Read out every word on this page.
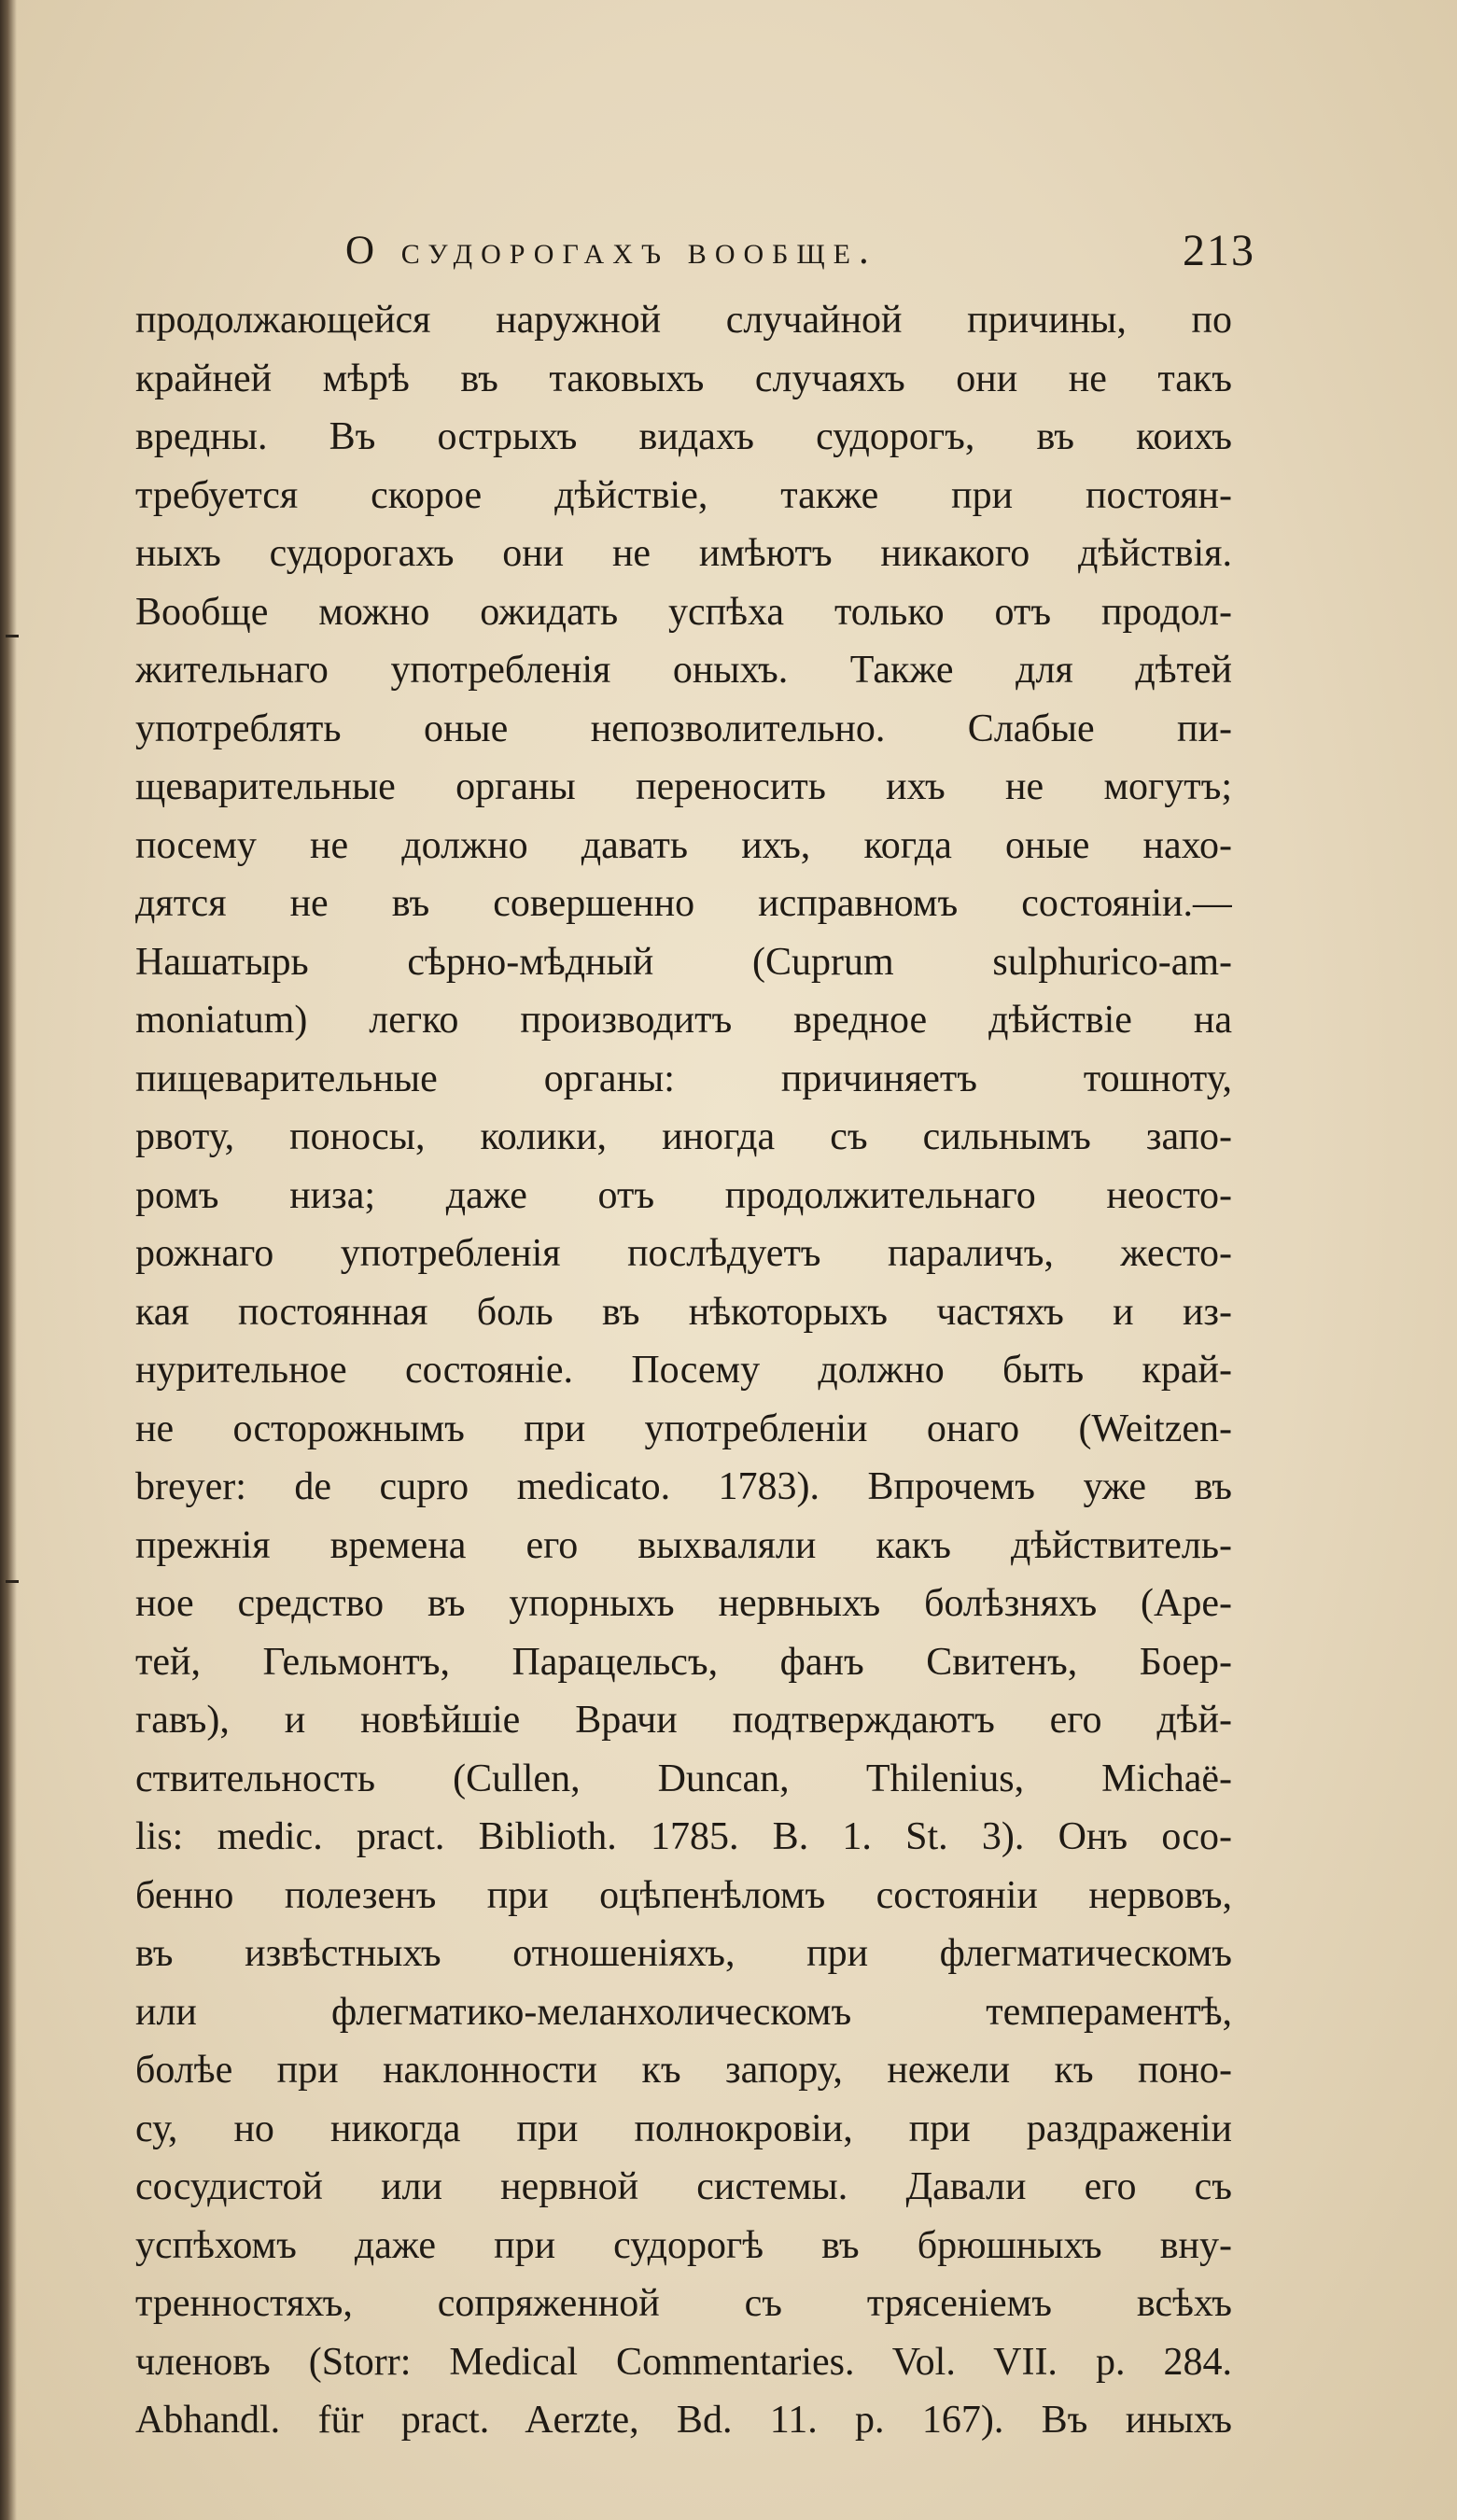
О судорогахъ вообще.	213
продолжающейся наружной случайной причины, по
крайней мѣрѣ въ таковыхъ случаяхъ они не такъ
вредны. Въ острыхъ видахъ судорогъ, въ коихъ
требуется скорое дѣйствіе, также при постоян-
ныхъ судорогахъ они не имѣютъ никакого дѣйствія.
Вообще можно ожидать успѣха только отъ продол-
жительнаго употребленія оныхъ. Также для дѣтей
употреблять оные непозволительно. Слабые пи-
щеварительные органы переносить ихъ не могутъ;
посему не должно давать ихъ, когда оные нахо-
дятся не въ совершенно исправномъ состояніи.—
Нашатырь сѣрно-мѣдный (Cuprum sulphurico-am-
moniatum) легко производитъ вредное дѣйствіе на
пищеварительные органы: причиняетъ тошноту,
рвоту, поносы, колики, иногда съ сильнымъ запо-
ромъ низа; даже отъ продолжительнаго неосто-
рожнаго употребленія послѣдуетъ параличъ, жесто-
кая постоянная боль въ нѣкоторыхъ частяхъ и из-
нурительное состояніе. Посему должно быть край-
не осторожнымъ при употребленіи онаго (Weitzen-
breyer: de cupro medicato. 1783). Впрочемъ уже въ
прежнія времена его выхваляли какъ дѣйствитель-
ное средство въ упорныхъ нервныхъ болѣзняхъ (Аре-
тей, Гельмонтъ, Парацельсъ, фанъ Свитенъ, Боер-
гавъ), и новѣйшіе Врачи подтверждаютъ его дѣй-
ствительность (Cullen, Duncan, Thilenius, Michaë-
lis: medic. pract. Biblioth. 1785. B. 1. St. 3). Онъ осо-
бенно полезенъ при оцѣпенѣломъ состояніи нервовъ,
въ извѣстныхъ отношеніяхъ, при флегматическомъ
или флегматико-меланхолическомъ темпераментѣ,
болѣе при наклонности къ запору, нежели къ поно-
су, но никогда при полнокровіи, при раздраженіи
сосудистой или нервной системы. Давали его съ
успѣхомъ даже при судорогѣ въ брюшныхъ вну-
тренностяхъ, сопряженной съ трясеніемъ всѣхъ
членовъ (Storr: Medical Commentaries. Vol. VII. p. 284.
Abhandl. für pract. Aerzte, Bd. 11. p. 167). Въ иныхъ
